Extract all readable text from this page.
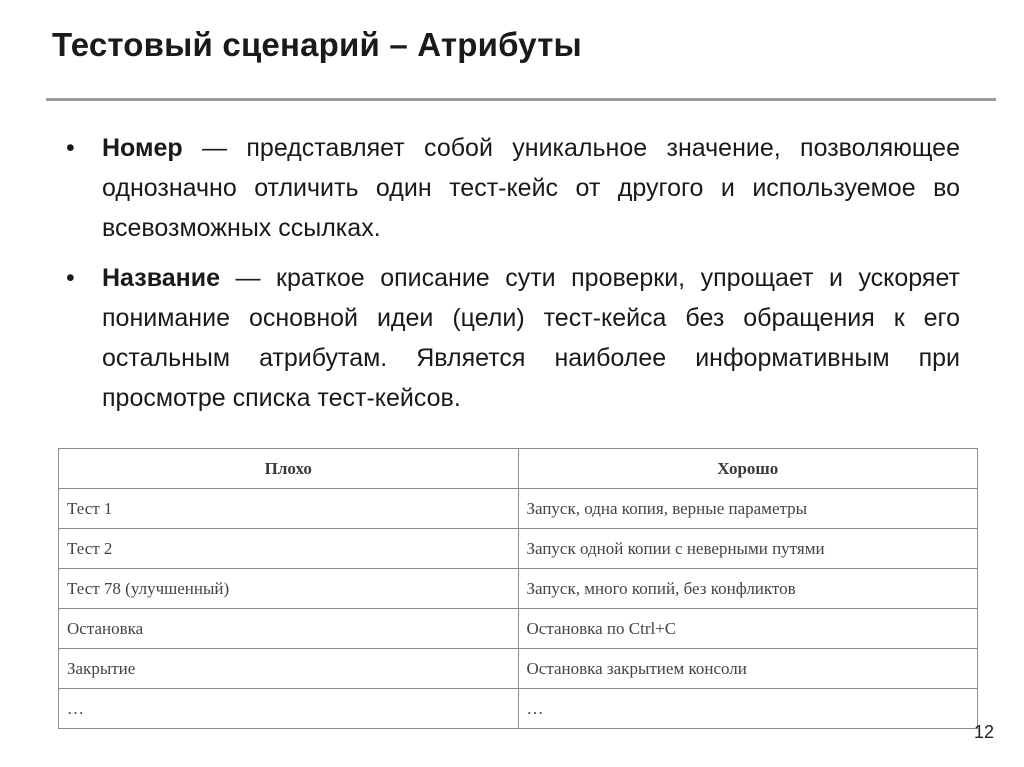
Тестовый сценарий – Атрибуты
• Номер — представляет собой уникальное значение, позволяющее однозначно отличить один тест-кейс от другого и используемое во всевозможных ссылках.
• Название — краткое описание сути проверки, упрощает и ускоряет понимание основной идеи (цели) тест-кейса без обращения к его остальным атрибутам. Является наиболее информативным при просмотре списка тест-кейсов.
Плохо	Хорошо
Тест 1	Запуск, одна копия, верные параметры
Тест 2	Запуск одной копии с неверными путями
Тест 78 (улучшенный)	Запуск, много копий, без конфликтов
Остановка	Остановка по Ctrl+C
Закрытие	Остановка закрытием консоли
…	…
12
